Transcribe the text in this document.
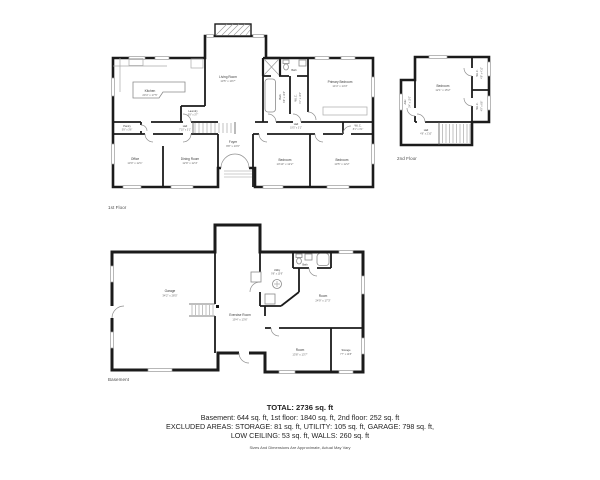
Kitchen
20'4" x 17'5"
Living Room
13'5" x 19'7"
Pantry
5'8" x 3'6"
Laundry
5'8" x 3'7"
Hall
7'10" x 3'1"
Foyer
9'8" x 10'6"
Office
13'0" x 12'1"
Dining Room
12'9" x 12'4"
Primary Bedroom
14'4" x 14'3"
Bath 6'8" x 10'8"	W.I.C. 4'1" x 10'0"
Bath
Hall
19'5" x 3'1"
W.I.C.
8'1" x 3'1"
Bedroom
10'10" x 12'2"
Bedroom
13'5" x 12'2"
1st Floor
Bedroom
12'1" x 15'2"
Attic 3'4" x 10'0"
W.I.C. 4'9" x 4'10"
W.I.C. 4'9" x 6'8"
Hall
4'6" x 2'10"
2nd Floor
Garage
34'2" x 28'5"
Exercise Room
19'4" x 13'6"
Utility
9'6" x 10'9"
Bath
Room
24'9" x 17'3"
Room
13'8" x 13'7"
Storage
7'7" x 10'8"
Basement
TOTAL: 2736 sq. ft
Basement: 644 sq. ft, 1st floor: 1840 sq. ft, 2nd floor: 252 sq. ft
EXCLUDED AREAS: STORAGE: 81 sq. ft, UTILITY: 105 sq. ft, GARAGE: 798 sq. ft,
LOW CEILING: 53 sq. ft, WALLS: 260 sq. ft
Sizes And Dimensions Are Approximate, Actual May Vary
